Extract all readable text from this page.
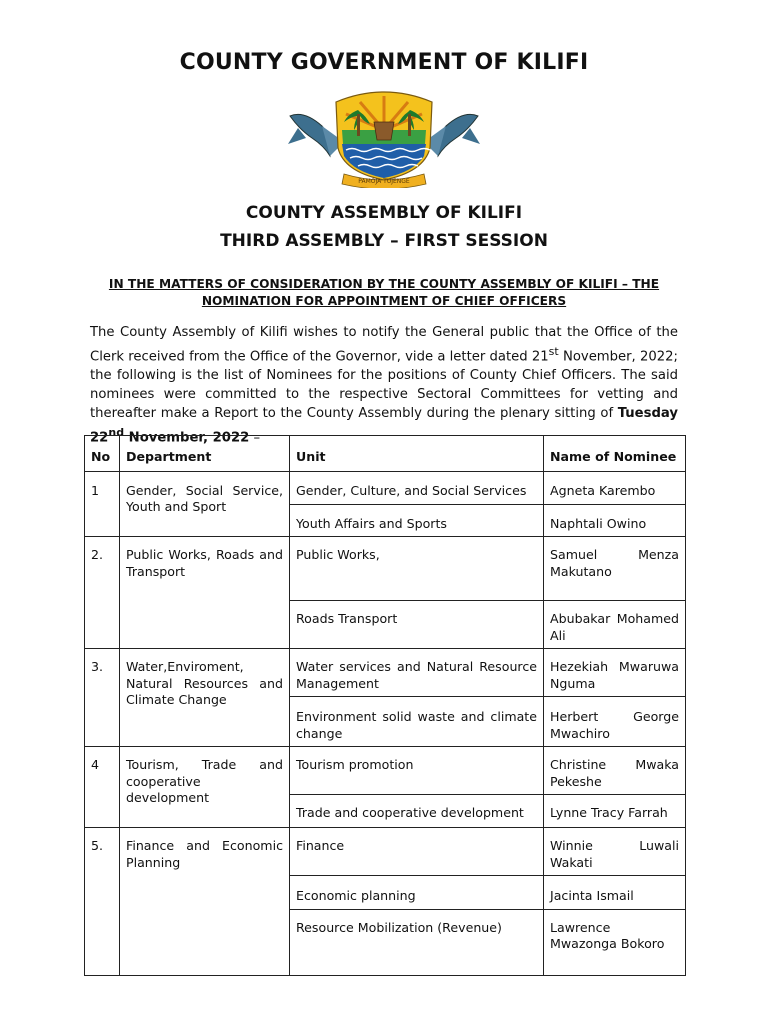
COUNTY GOVERNMENT OF KILIFI
PAMOJA TUJENGE
COUNTY ASSEMBLY OF KILIFI
THIRD ASSEMBLY – FIRST SESSION
IN THE MATTERS OF CONSIDERATION BY THE COUNTY ASSEMBLY OF KILIFI – THE
NOMINATION FOR APPOINTMENT OF CHIEF OFFICERS
The County Assembly of Kilifi wishes to notify the General public that the Office of the Clerk received from the Office of the Governor, vide a letter dated 21st November, 2022; the following is the list of Nominees for the positions of County Chief Officers. The said nominees were committed to the respective Sectoral Committees for vetting and thereafter make a Report to the County Assembly during the plenary sitting of Tuesday 22nd November, 2022 –
No	Department	Unit	Name of Nominee
1	Gender, Social Service, Youth and Sport	Gender, Culture, and Social Services	Agneta Karembo
		Youth Affairs and Sports	Naphtali Owino
2.	Public Works, Roads and Transport	Public Works,	Samuel Menza Makutano
		Roads Transport	Abubakar Mohamed Ali
3.	Water,Enviroment, Natural Resources and Climate Change	Water services and Natural Resource Management	Hezekiah Mwaruwa Nguma
		Environment solid waste and climate change	Herbert George Mwachiro
4	Tourism, Trade and cooperative development	Tourism promotion	Christine Mwaka Pekeshe
		Trade and cooperative development	Lynne Tracy Farrah
5.	Finance and Economic Planning	Finance	Winnie Luwali Wakati
		Economic planning	Jacinta Ismail
		Resource Mobilization (Revenue)	Lawrence Mwazonga Bokoro
